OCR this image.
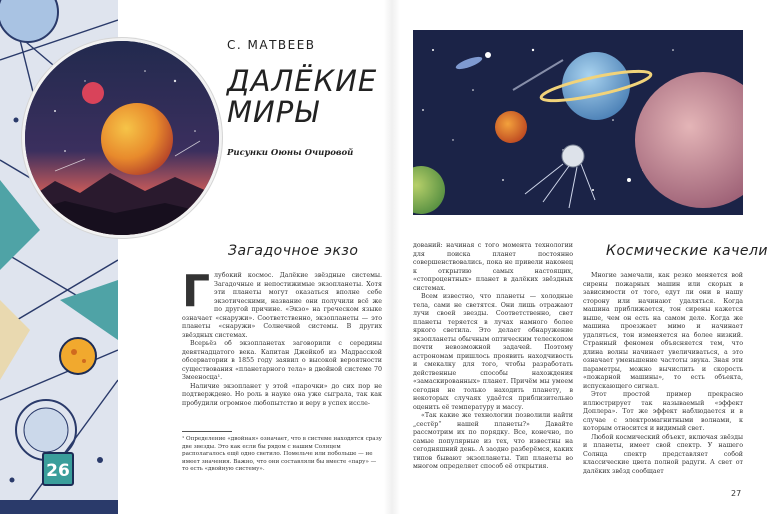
26
С. МАТВЕЕВ
ДАЛЁКИЕ
МИРЫ
Рисунки Оюны Очировой
Загадочное экзо

Глубокий космос. Далёкие звёздные системы. Загадочные и непостижимые экзопланеты. Хотя эти планеты могут оказаться вполне себе экзотическими, название они получили всё же по другой причине. «Экзо» на греческом языке означает «снаружи». Соответственно, экзопланеты — это планеты «снаружи» Солнечной системы. В других звёздных системах.

Всерьёз об экзопланетах заговорили с середины девятнадцатого века. Капитан Джейкоб из Мадрасской обсерватории в 1855 году заявил о высокой вероятности существования «планетарного тела» в двойной системе 70 Змееносца¹.

Наличие экзопланет у этой «парочки» до сих пор не подтверждено. Но роль в науке она уже сыграла, так как пробудили огромное любопытство и веру в успех иссле-

¹ Определение «двойная» означает, что в системе находятся сразу две звезды. Это как если бы рядом с нашим Солнцем располагалось ещё одно светило. Помельче или побольше — не имеет значения. Важно, что они составляли бы вместе «пару» — то есть «двойную систему».

дований: начиная с того момента технологии для поиска планет постоянно совершенствовались, пока не привели наконец к открытию самых настоящих, «стопроцентных» планет в далёких звёздных системах.

Всем известно, что планеты — холодные тела, сами не светятся. Они лишь отражают лучи своей звезды. Соответственно, свет планеты теряется в лучах намного более яркого светила. Это делает обнаружение экзопланеты обычным оптическим телескопом почти невозможной задачей. Поэтому астрономам пришлось проявить находчивость и смекалку для того, чтобы разработать действенные способы нахождения «замаскированных» планет. Причём мы умеем сегодня не только находить планету, в некоторых случаях удаётся приблизительно оценить её температуру и массу.

«Так какие же технологии позволили найти „сестёр“ нашей планеты?» Давайте рассмотрим их по порядку. Все, конечно, по самые популярные из тех, что известны на сегодняшний день. А заодно разберёмся, каких типов бывают экзопланеты. Тип планеты во многом определяет способ её открытия.

Космические качели

Многие замечали, как резко меняется вой сирены пожарных машин или скорых в зависимости от того, едут ли они в нашу сторону или начинают удаляться. Когда машина приближается, тон сирены кажется выше, чем он есть на самом деле. Когда же машина проезжает мимо и начинает удаляться, тон изменяется на более низкий. Странный феномен объясняется тем, что длина волны начинает увеличиваться, а это означает уменьшение частоты звука. Зная эти параметры, можно вычислить и скорость «пожарной машины», то есть объекта, испускающего сигнал.

Этот простой пример прекрасно иллюстрирует так называемый «эффект Доплера». Тот же эффект наблюдается и в случае с электромагнитными волнами, к которым относится и видимый свет.

Любой космический объект, включая звёзды и планеты, имеет свой спектр. У нашего Солнца спектр представляет собой классические цвета полной радуги. А свет от далёких звёзд сообщает

27
